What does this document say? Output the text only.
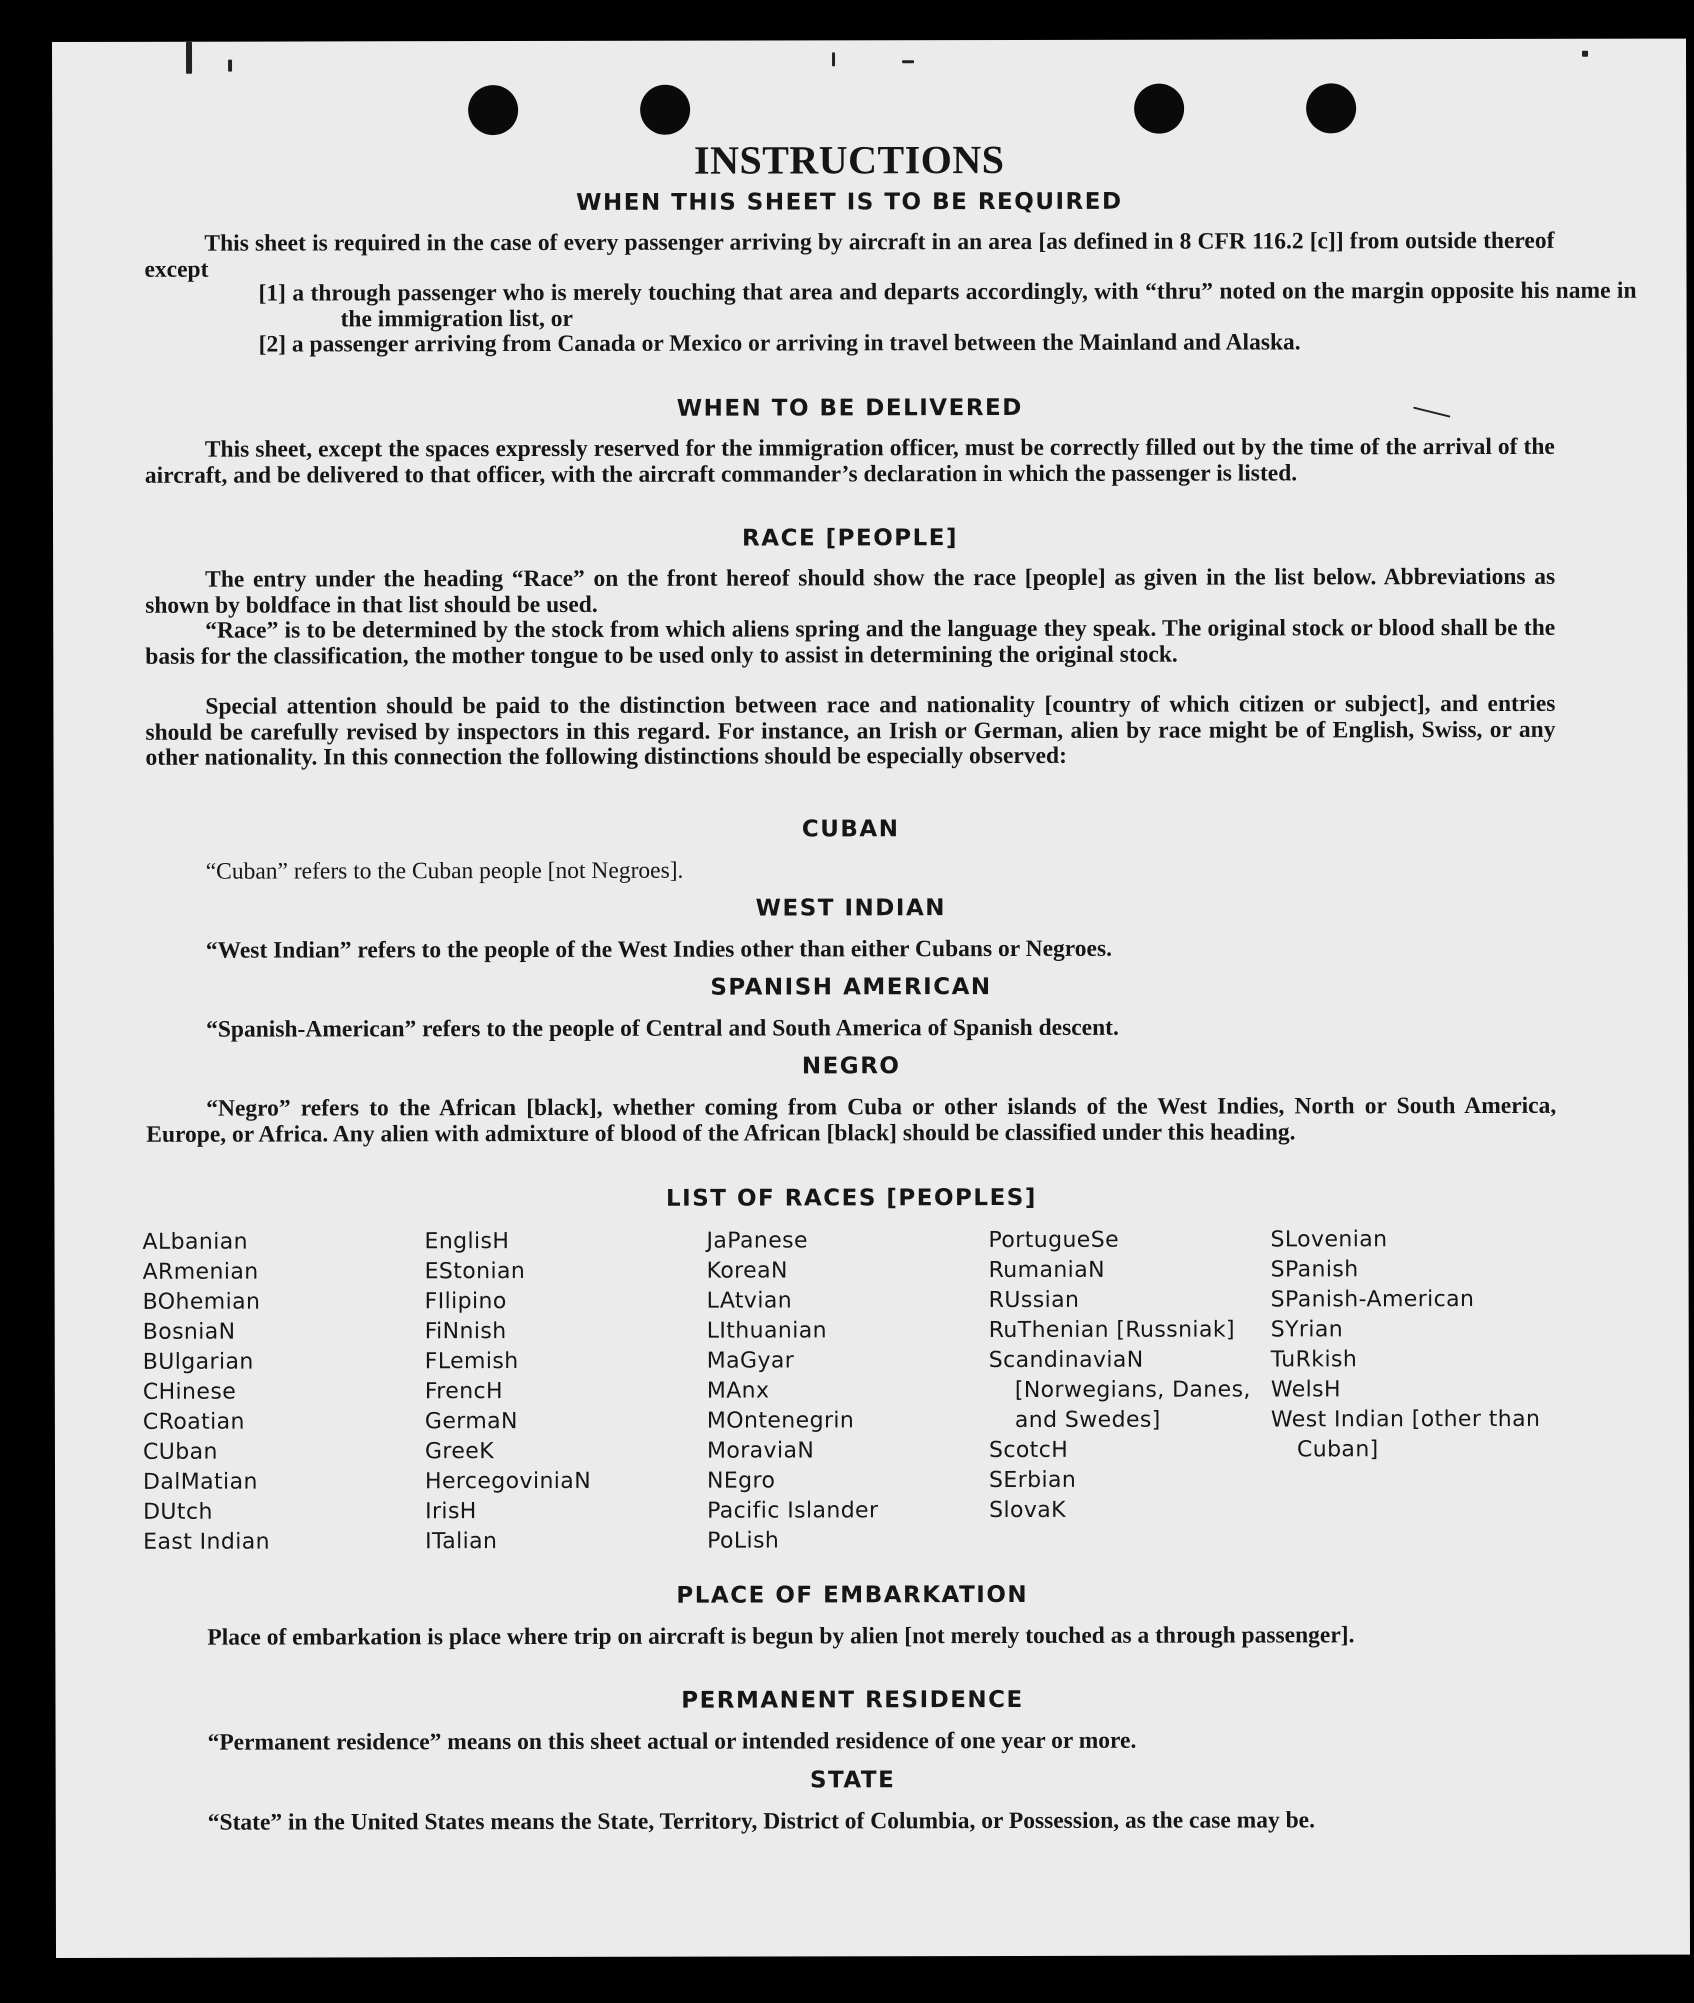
INSTRUCTIONS
WHEN THIS SHEET IS TO BE REQUIRED
This sheet is required in the case of every passenger arriving by aircraft in an area [as defined in 8 CFR 116.2 [c]] from outside thereof except
[1] a through passenger who is merely touching that area and departs accordingly, with “thru” noted on the margin opposite his name in the immigration list, or
[2] a passenger arriving from Canada or Mexico or arriving in travel between the Mainland and Alaska.
WHEN TO BE DELIVERED
This sheet, except the spaces expressly reserved for the immigration officer, must be correctly filled out by the time of the arrival of the aircraft, and be delivered to that officer, with the aircraft commander’s declaration in which the passenger is listed.
RACE [PEOPLE]
The entry under the heading “Race” on the front hereof should show the race [people] as given in the list below. Abbreviations as shown by boldface in that list should be used.
“Race” is to be determined by the stock from which aliens spring and the language they speak. The original stock or blood shall be the basis for the classification, the mother tongue to be used only to assist in determining the original stock.
Special attention should be paid to the distinction between race and nationality [country of which citizen or subject], and entries should be carefully revised by inspectors in this regard. For instance, an Irish or German, alien by race might be of English, Swiss, or any other nationality. In this connection the following distinctions should be especially observed:
CUBAN
“Cuban” refers to the Cuban people [not Negroes].
WEST INDIAN
“West Indian” refers to the people of the West Indies other than either Cubans or Negroes.
SPANISH AMERICAN
“Spanish-American” refers to the people of Central and South America of Spanish descent.
NEGRO
“Negro” refers to the African [black], whether coming from Cuba or other islands of the West Indies, North or South America, Europe, or Africa. Any alien with admixture of blood of the African [black] should be classified under this heading.
LIST OF RACES [PEOPLES]
ALbanian
ARmenian
BOhemian
BosniaN
BUlgarian
CHinese
CRoatian
CUban
DalMatian
DUtch
East Indian
EnglisH
EStonian
FIlipino
FiNnish
FLemish
FrencH
GermaN
GreeK
HercegoviniaN
IrisH
ITalian
JaPanese
KoreaN
LAtvian
LIthuanian
MaGyar
MAnx
MOntenegrin
MoraviaN
NEgro
Pacific Islander
PoLish
PortugueSe
RumaniaN
RUssian
RuThenian [Russniak]
ScandinaviaN [Norwegians, Danes, and Swedes]
ScotcH
SErbian
SlovaK
SLovenian
SPanish
SPanish-American
SYrian
TuRkish
WelsH
West Indian [other than Cuban]
PLACE OF EMBARKATION
Place of embarkation is place where trip on aircraft is begun by alien [not merely touched as a through passenger].
PERMANENT RESIDENCE
“Permanent residence” means on this sheet actual or intended residence of one year or more.
STATE
“State” in the United States means the State, Territory, District of Columbia, or Possession, as the case may be.
